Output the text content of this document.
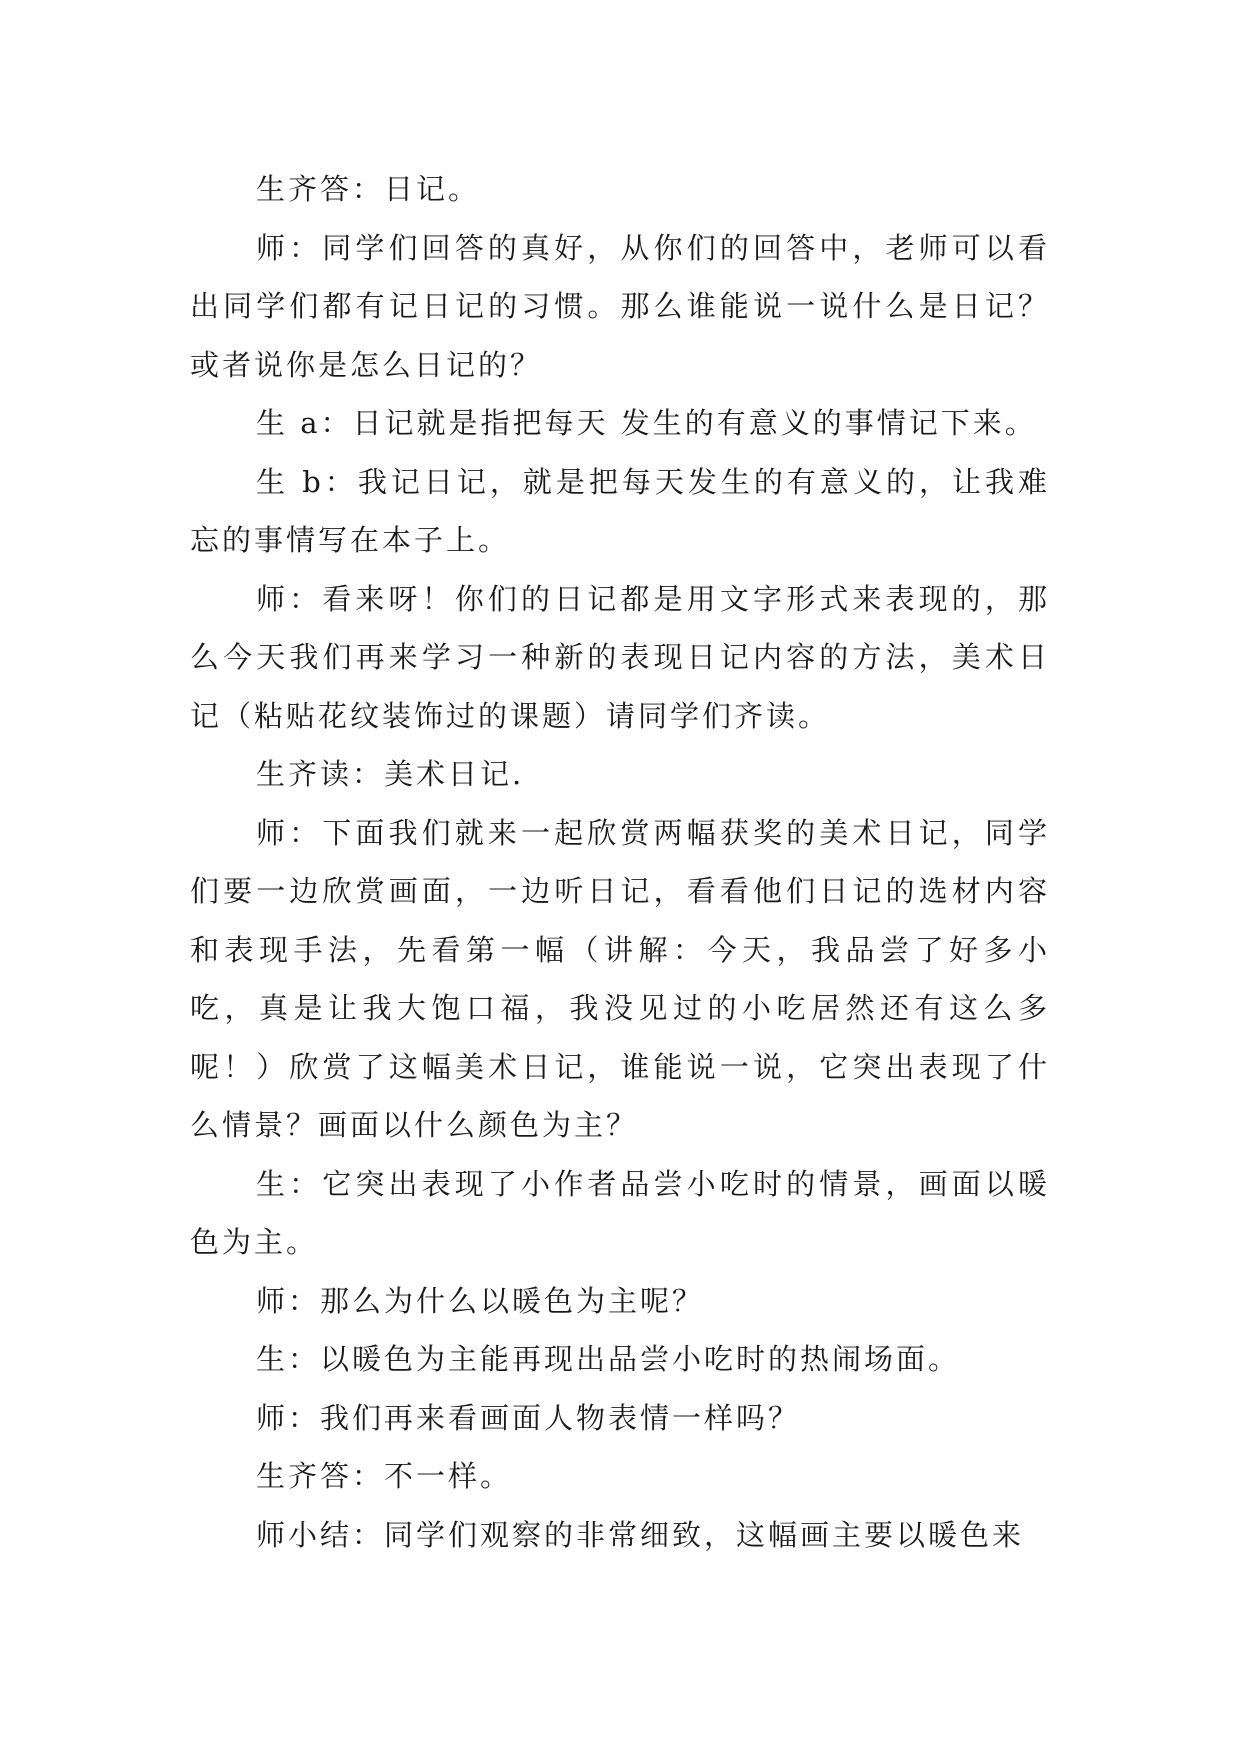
生齐答：日记。

师：同学们回答的真好，从你们的回答中，老师可以看出同学们都有记日记的习惯。那么谁能说一说什么是日记？或者说你是怎么日记的？

生 a：日记就是指把每天 发生的有意义的事情记下来。

生 b：我记日记，就是把每天发生的有意义的，让我难忘的事情写在本子上。

师：看来呀！你们的日记都是用文字形式来表现的，那么今天我们再来学习一种新的表现日记内容的方法，美术日记（粘贴花纹装饰过的课题）请同学们齐读。

生齐读：美术日记.

师：下面我们就来一起欣赏两幅获奖的美术日记，同学们要一边欣赏画面，一边听日记，看看他们日记的选材内容和表现手法，先看第一幅（讲解：今天，我品尝了好多小吃，真是让我大饱口福，我没见过的小吃居然还有这么多呢！）欣赏了这幅美术日记，谁能说一说，它突出表现了什么情景？画面以什么颜色为主？

生：它突出表现了小作者品尝小吃时的情景，画面以暖色为主。

师：那么为什么以暖色为主呢？

生：以暖色为主能再现出品尝小吃时的热闹场面。

师：我们再来看画面人物表情一样吗？

生齐答：不一样。

师小结：同学们观察的非常细致，这幅画主要以暖色来
